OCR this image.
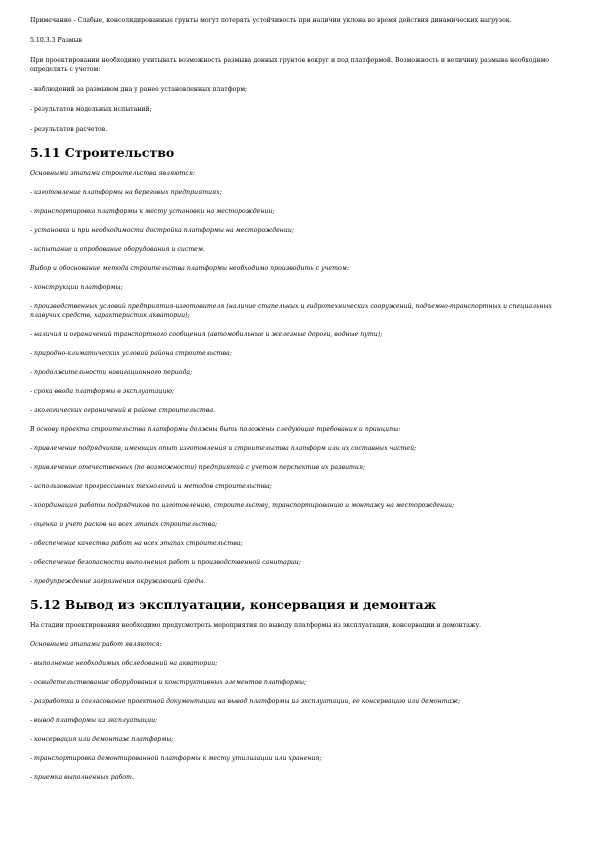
Примечание - Слабые, консолидированные грунты могут потерять устойчивость при наличии уклона во время действия динамических нагрузок.

5.10.3.3 Размыв

При проектировании необходимо учитывать возможность размыва донных грунтов вокруг и под платформой. Возможность и величину размыва необходимо определять с учетом:

- наблюдений за размывом дна у ранее установленных платформ;

- результатов модельных испытаний;

- результатов расчетов.

5.11 Строительство

Основными этапами строительства являются:

- изготовление платформы на береговых предприятиях;

- транспортировка платформы к месту установки на месторождении;

- установка и при необходимости достройка платформы на месторождении;

- испытание и опробование оборудования и систем.

Выбор и обоснование метода строительства платформы необходимо производить с учетом:

- конструкции платформы;

- производственных условий предприятия-изготовителя (наличие стапельных и гидротехнических сооружений, подъемно-транспортных и специальных плавучих средств, характеристик акватории);

- наличия и ограничений транспортного сообщения (автомобильные и железные дороги, водные пути);

- природно-климатических условий района строительства;

- продолжительности навигационного периода;

- срока ввода платформы в эксплуатацию;

- экологических ограничений в районе строительства.

В основу проекта строительства платформы должны быть положены следующие требования и принципы:

- привлечение подрядчиков, имеющих опыт изготовления и строительства платформ или их составных частей;

- привлечение отечественных (по возможности) предприятий с учетом перспектив их развития;

- использование прогрессивных технологий и методов строительства;

- координация работы подрядчиков по изготовлению, строительству, транспортированию и монтажу на месторождении;

- оценка и учет рисков на всех этапах строительства;

- обеспечение качества работ на всех этапах строительства;

- обеспечение безопасности выполнения работ и производственной санитарии;

- предупреждение загрязнения окружающей среды.

5.12 Вывод из эксплуатации, консервация и демонтаж

На стадии проектирования необходимо предусмотреть мероприятия по выводу платформы из эксплуатации, консервации и демонтажу.

Основными этапами работ являются:

- выполнение необходимых обследований на акватории;

- освидетельствование оборудования и конструктивных элементов платформы;

- разработка и согласование проектной документации на вывод платформы из эксплуатации, ее консервацию или демонтаж;

- вывод платформы из эксплуатации;

- консервация или демонтаж платформы;

- транспортировка демонтированной платформы к месту утилизации или хранения;

- приемка выполненных работ.
